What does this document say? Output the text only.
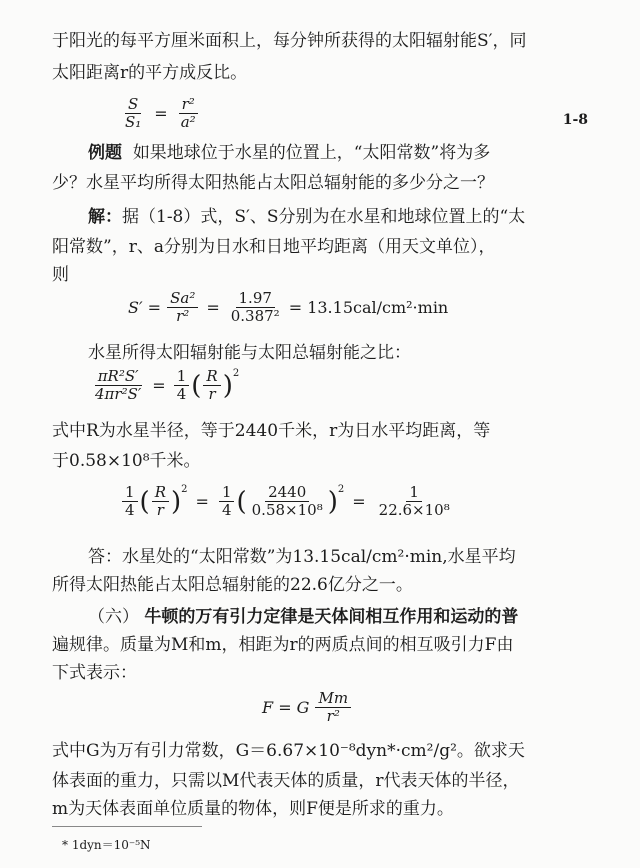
于阳光的每平方厘米面积上，每分钟所获得的太阳辐射能S′，同
太阳距离r的平方成反比。
$\frac{S}{\text{S₁}} = \frac{\text{r²}}{\text{a²}}$	1-8
例题 如果地球位于水星的位置上，“太阳常数”将为多
少？水星平均所得太阳热能占太阳总辐射能的多少分之一？
解：据（1-8）式，S′、S分别为在水星和地球位置上的“太
阳常数”，r、a分别为日水和日地平均距离（用天文单位），
则
$S' = \frac{\text{Sa²}}{\text{r²}} = \frac{1.97}{\text{0.387²}} = 13.15cal/cm^2\cdot\min$
水星所得太阳辐射能与太阳总辐射能之比：
$\frac{\text{πR²S′}}{\text{4πr²S′}} = \frac{1}{4}$ ( $\frac{R}{r} )^2$
式中R为水星半径，等于2440千米，r为日水平均距离，等
于0.58×10⁸千米。
$\frac{1}{4}$ ( $\frac{R}{r} )^2$
= $\frac{1}{4}$ ( $\frac{2440}{\text{0.58×10⁸}} )^2$
= $\frac{1}{\text{22.6×10⁸}}$
答：水星处的“太阳常数”为13.15cal/cm²·min,水星平均
所得太阳热能占太阳总辐射能的22.6亿分之一。
（六） 牛顿的万有引力定律是天体间相互作用和运动的普
遍规律。质量为M和m，相距为r的两质点间的相互吸引力F由
下式表示：
F = G $\frac{Mm}{\text{r²}}$
式中G为万有引力常数，G＝6.67×10⁻⁸dyn*·cm²/g²。欲求天
体表面的重力，只需以M代表天体的质量，r代表天体的半径，
m为天体表面单位质量的物体，则F便是所求的重力。
* 1dyn＝10⁻⁵N
